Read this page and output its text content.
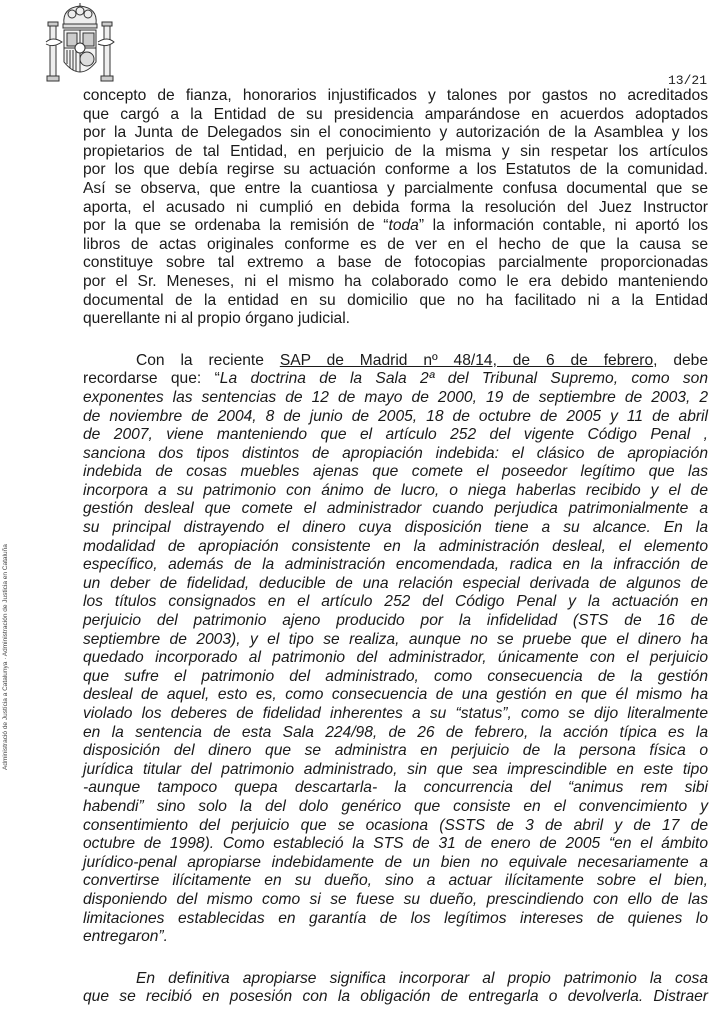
13/21
Administració de Justícia a Catalunya · Administración de Justicia en Cataluña
concepto de fianza, honorarios injustificados y talones por gastos no acreditados
que cargó a la Entidad de su presidencia amparándose en acuerdos adoptados
por la Junta de Delegados sin el conocimiento y autorización de la Asamblea y los
propietarios de tal Entidad, en perjuicio de la misma y sin respetar los artículos
por los que debía regirse su actuación conforme a los Estatutos de la comunidad.
Así se observa, que entre la cuantiosa y parcialmente confusa documental que se
aporta, el acusado ni cumplió en debida forma la resolución del Juez Instructor
por la que se ordenaba la remisión de “toda” la información contable, ni aportó los
libros de actas originales conforme es de ver en el hecho de que la causa se
constituye sobre tal extremo a base de fotocopias parcialmente proporcionadas
por el Sr. Meneses, ni el mismo ha colaborado como le era debido manteniendo
documental de la entidad en su domicilio que no ha facilitado ni a la Entidad
querellante ni al propio órgano judicial.
Con la reciente SAP de Madrid nº 48/14, de 6 de febrero, debe
recordarse que: “La doctrina de la Sala 2ª del Tribunal Supremo, como son
exponentes las sentencias de 12 de mayo de 2000, 19 de septiembre de 2003, 2
de noviembre de 2004, 8 de junio de 2005, 18 de octubre de 2005 y 11 de abril
de 2007, viene manteniendo que el artículo 252 del vigente Código Penal ,
sanciona dos tipos distintos de apropiación indebida: el clásico de apropiación
indebida de cosas muebles ajenas que comete el poseedor legítimo que las
incorpora a su patrimonio con ánimo de lucro, o niega haberlas recibido y el de
gestión desleal que comete el administrador cuando perjudica patrimonialmente a
su principal distrayendo el dinero cuya disposición tiene a su alcance. En la
modalidad de apropiación consistente en la administración desleal, el elemento
específico, además de la administración encomendada, radica en la infracción de
un deber de fidelidad, deducible de una relación especial derivada de algunos de
los títulos consignados en el artículo 252 del Código Penal y la actuación en
perjuicio del patrimonio ajeno producido por la infidelidad (STS de 16 de
septiembre de 2003), y el tipo se realiza, aunque no se pruebe que el dinero ha
quedado incorporado al patrimonio del administrador, únicamente con el perjuicio
que sufre el patrimonio del administrado, como consecuencia de la gestión
desleal de aquel, esto es, como consecuencia de una gestión en que él mismo ha
violado los deberes de fidelidad inherentes a su “status”, como se dijo literalmente
en la sentencia de esta Sala 224/98, de 26 de febrero, la acción típica es la
disposición del dinero que se administra en perjuicio de la persona física o
jurídica titular del patrimonio administrado, sin que sea imprescindible en este tipo
-aunque tampoco quepa descartarla- la concurrencia del “animus rem sibi
habendi” sino solo la del dolo genérico que consiste en el convencimiento y
consentimiento del perjuicio que se ocasiona (SSTS de 3 de abril y de 17 de
octubre de 1998). Como estableció la STS de 31 de enero de 2005 “en el ámbito
jurídico-penal apropiarse indebidamente de un bien no equivale necesariamente a
convertirse ilícitamente en su dueño, sino a actuar ilícitamente sobre el bien,
disponiendo del mismo como si se fuese su dueño, prescindiendo con ello de las
limitaciones establecidas en garantía de los legítimos intereses de quienes lo
entregaron”.
En definitiva apropiarse significa incorporar al propio patrimonio la cosa
que se recibió en posesión con la obligación de entregarla o devolverla. Distraer
